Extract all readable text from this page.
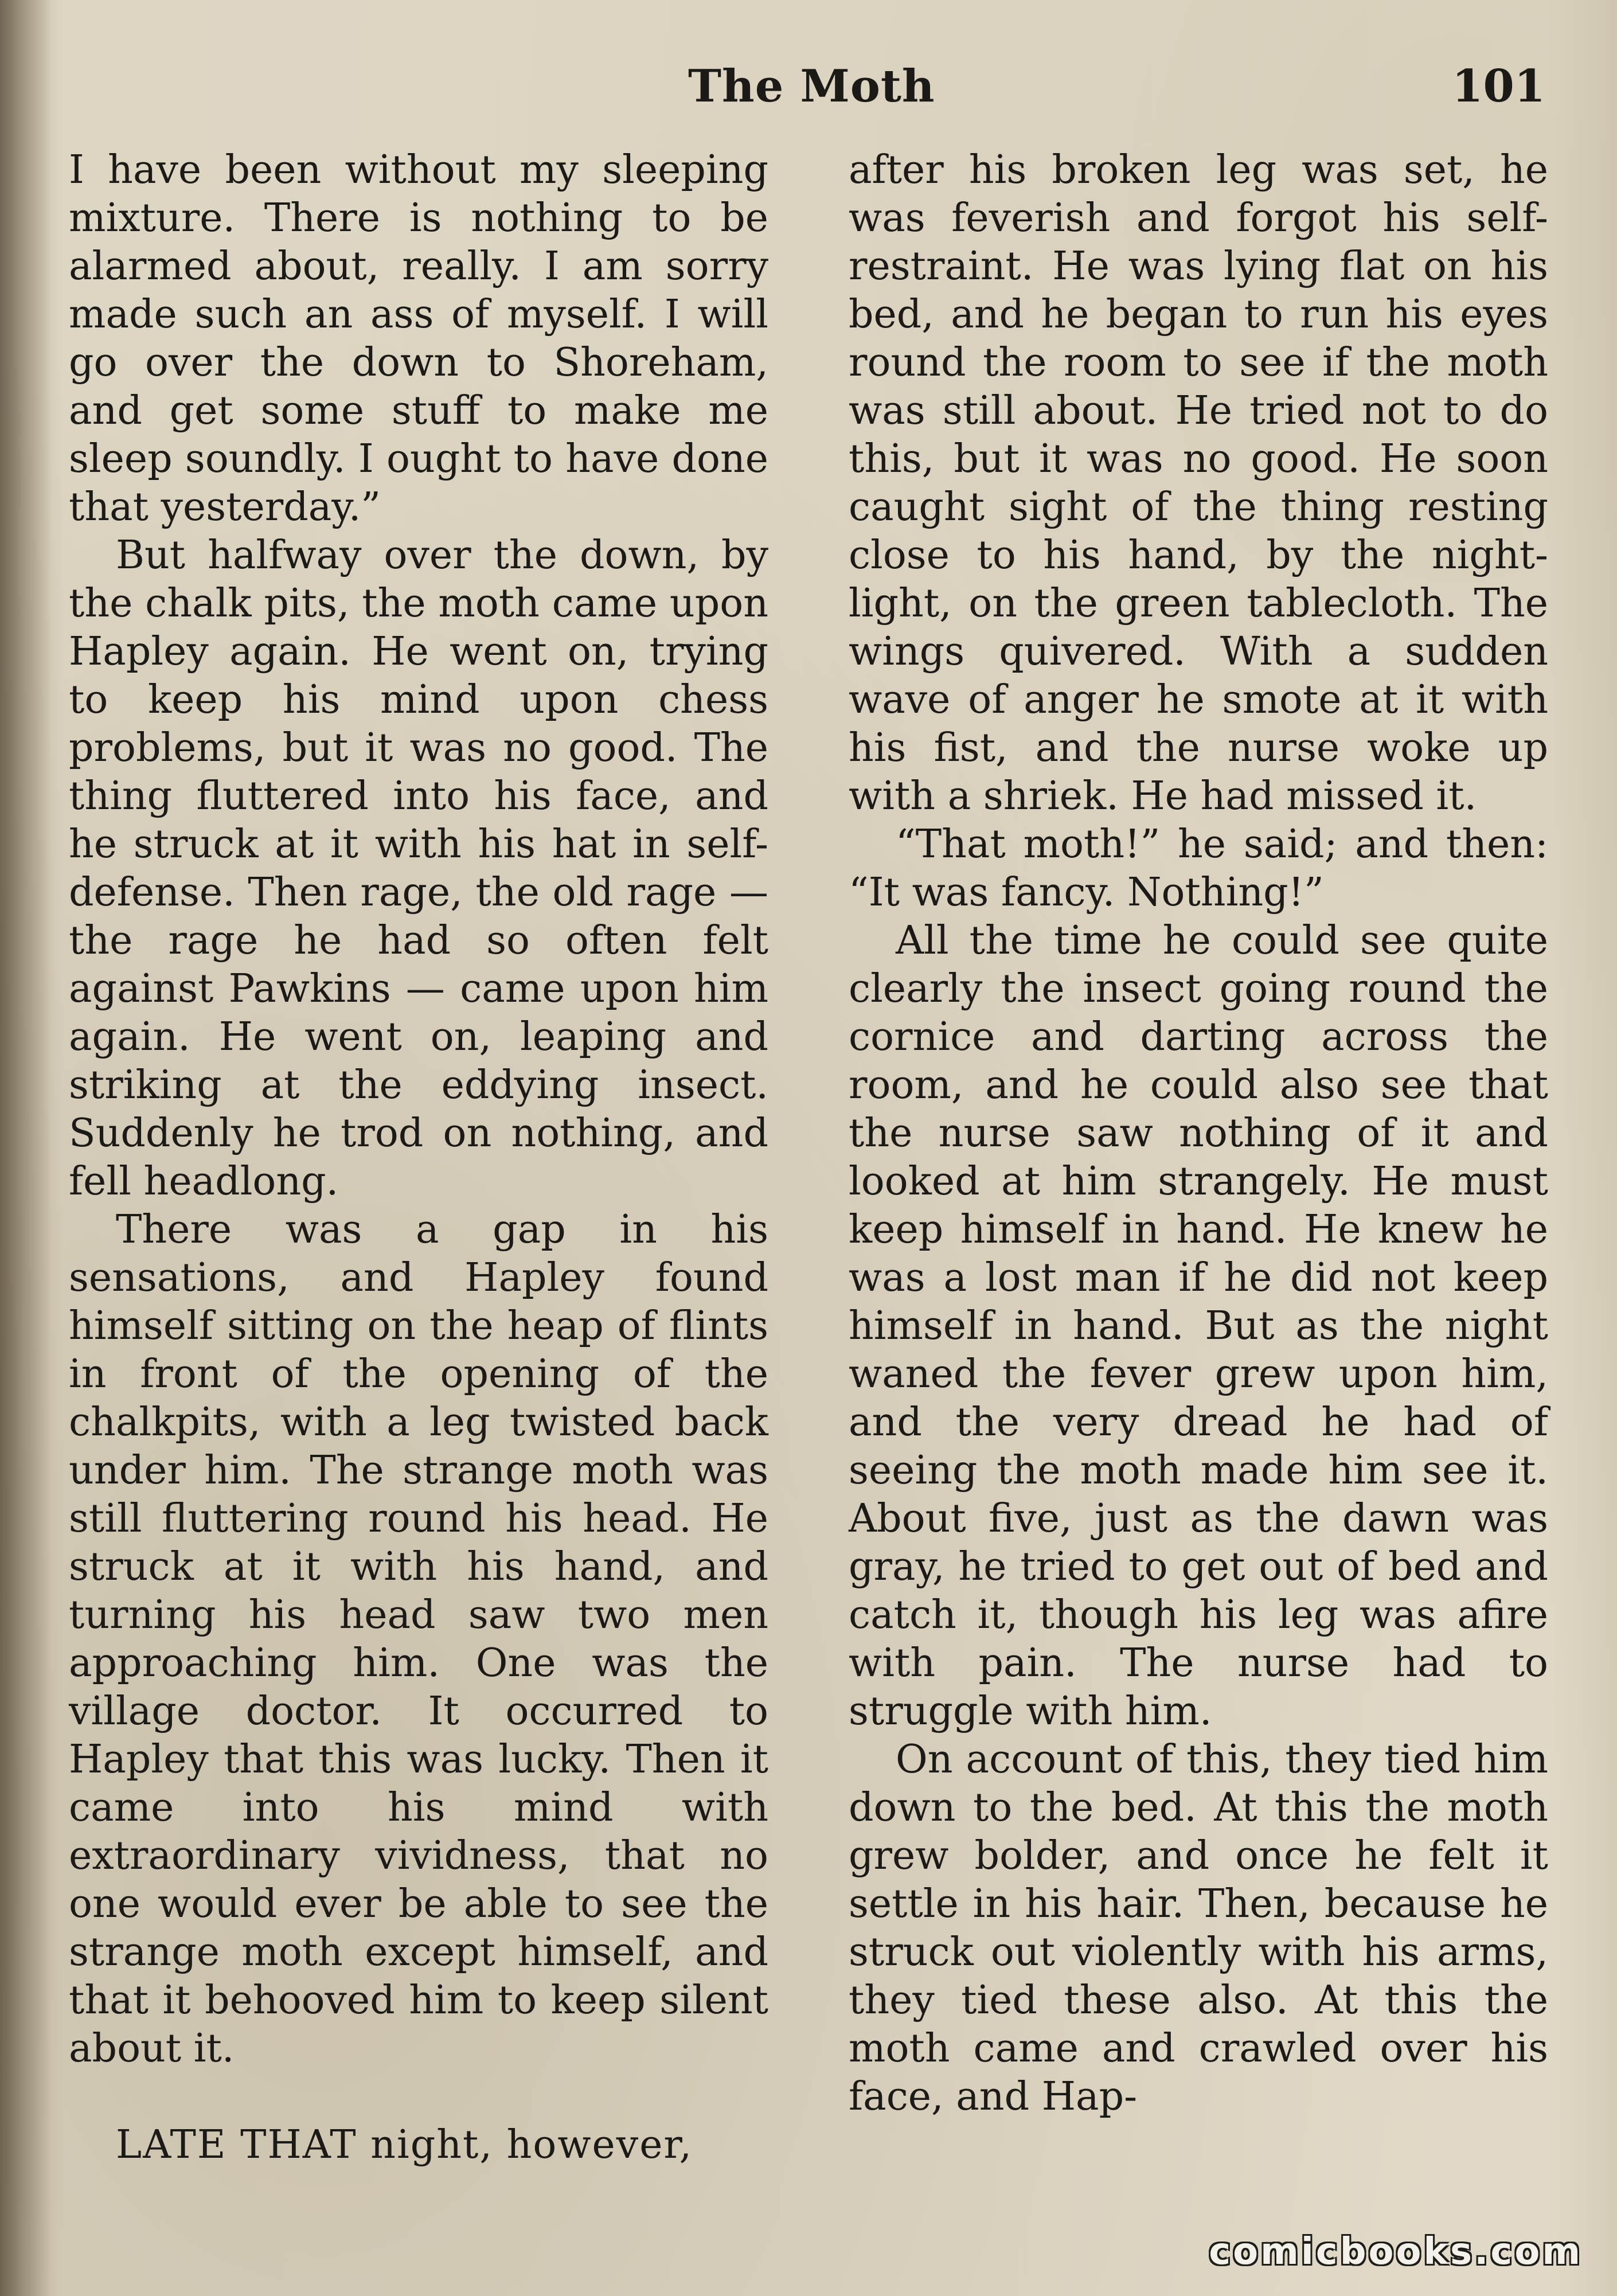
The Moth	101

I have been without my sleeping mixture. There is nothing to be alarmed about, really. I am sorry made such an ass of myself. I will go over the down to Shoreham, and get some stuff to make me sleep soundly. I ought to have done that yesterday.”

But halfway over the down, by the chalk pits, the moth came upon Hapley again. He went on, trying to keep his mind upon chess problems, but it was no good. The thing fluttered into his face, and he struck at it with his hat in self-defense. Then rage, the old rage — the rage he had so often felt against Pawkins — came upon him again. He went on, leaping and striking at the eddying insect. Suddenly he trod on nothing, and fell headlong.

There was a gap in his sensations, and Hapley found himself sitting on the heap of flints in front of the opening of the chalkpits, with a leg twisted back under him. The strange moth was still fluttering round his head. He struck at it with his hand, and turning his head saw two men approaching him. One was the village doctor. It occurred to Hapley that this was lucky. Then it came into his mind with extraordinary vividness, that no one would ever be able to see the strange moth except himself, and that it behooved him to keep silent about it.

LATE THAT night, however,

after his broken leg was set, he was feverish and forgot his self-restraint. He was lying flat on his bed, and he began to run his eyes round the room to see if the moth was still about. He tried not to do this, but it was no good. He soon caught sight of the thing resting close to his hand, by the night-light, on the green tablecloth. The wings quivered. With a sudden wave of anger he smote at it with his fist, and the nurse woke up with a shriek. He had missed it.

“That moth!” he said; and then: “It was fancy. Nothing!”

All the time he could see quite clearly the insect going round the cornice and darting across the room, and he could also see that the nurse saw nothing of it and looked at him strangely. He must keep himself in hand. He knew he was a lost man if he did not keep himself in hand. But as the night waned the fever grew upon him, and the very dread he had of seeing the moth made him see it. About five, just as the dawn was gray, he tried to get out of bed and catch it, though his leg was afire with pain. The nurse had to struggle with him.

On account of this, they tied him down to the bed. At this the moth grew bolder, and once he felt it settle in his hair. Then, because he struck out violently with his arms, they tied these also. At this the moth came and crawled over his face, and Hap-

comicbooks.com
